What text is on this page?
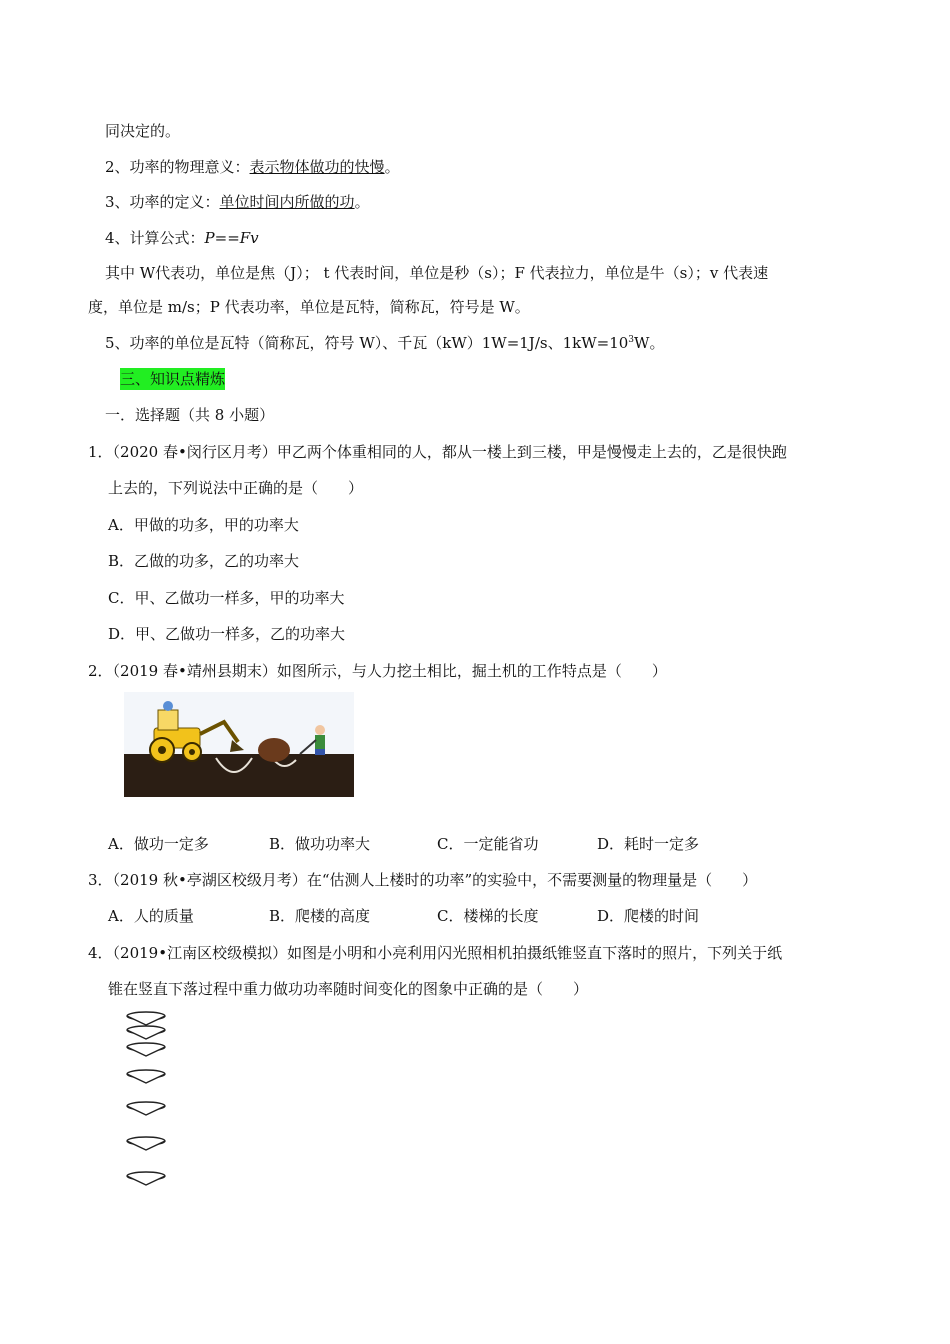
同决定的。
2、功率的物理意义：表示物体做功的快慢。
3、功率的定义：单位时间内所做的功。
4、计算公式：P==Fv
其中 W代表功，单位是焦（J）； t 代表时间，单位是秒（s）；F 代表拉力，单位是牛（s）；v 代表速
度，单位是 m/s；P 代表功率，单位是瓦特，简称瓦，符号是 W。
5、功率的单位是瓦特（简称瓦，符号 W）、千瓦（kW）1W=1J/s、$1kW=10^3W$。
三、知识点精炼
一．选择题（共 8 小题）
1．（2020 春•闵行区月考）甲乙两个体重相同的人，都从一楼上到三楼，甲是慢慢走上去的，乙是很快跑
上去的，下列说法中正确的是（　　）
A．甲做的功多，甲的功率大
B．乙做的功多，乙的功率大
C．甲、乙做功一样多，甲的功率大
D．甲、乙做功一样多，乙的功率大
2．（2019 春•靖州县期末）如图所示，与人力挖土相比，掘土机的工作特点是（　　）
A．做功一定多	B．做功功率大	C．一定能省功	D．耗时一定多
3．（2019 秋•亭湖区校级月考）在“估测人上楼时的功率”的实验中，不需要测量的物理量是（　　）
A．人的质量	B．爬楼的高度	C．楼梯的长度	D．爬楼的时间
4．（2019•江南区校级模拟）如图是小明和小亮利用闪光照相机拍摄纸锥竖直下落时的照片，下列关于纸
锥在竖直下落过程中重力做功功率随时间变化的图象中正确的是（　　）
